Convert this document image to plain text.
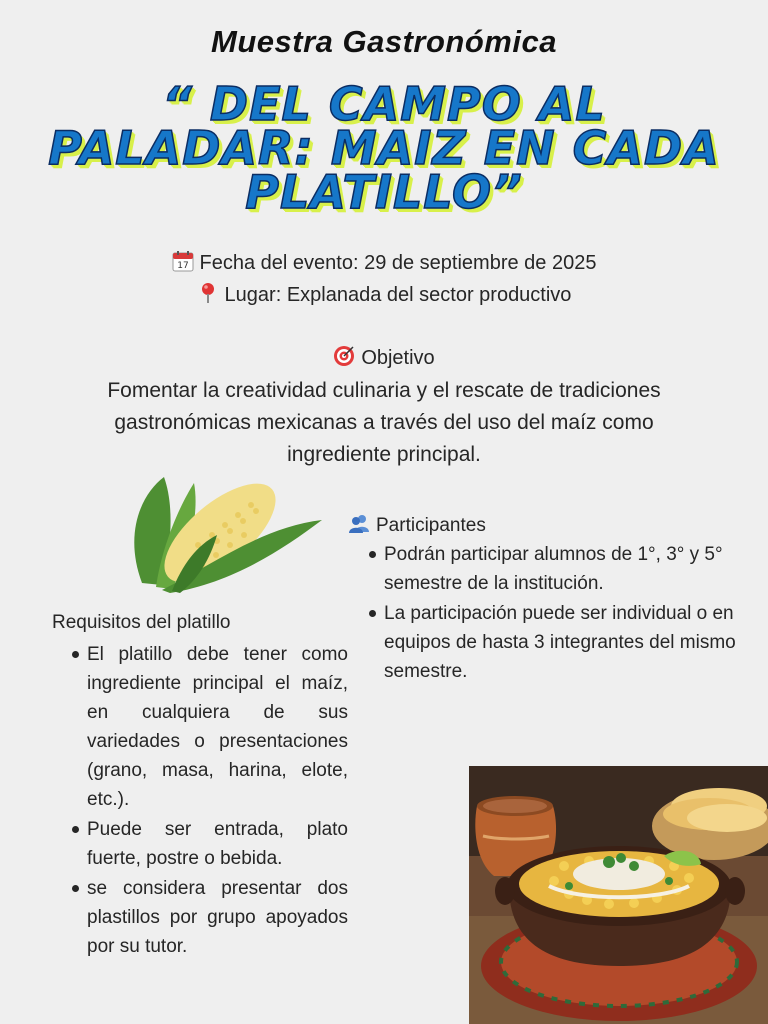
Muestra Gastronómica
“ DEL CAMPO AL
PALADAR: MAIZ EN CADA
PLATILLO”
17 Fecha del evento: 29 de septiembre de 2025
Lugar: Explanada del sector productivo
Objetivo
Fomentar la creatividad culinaria y el rescate de tradiciones gastronómicas mexicanas a través del uso del maíz como ingrediente principal.
Participantes
Podrán participar alumnos de 1°, 3° y 5° semestre de la institución.
La participación puede ser individual o en equipos de hasta 3 integrantes del mismo semestre.
Requisitos del platillo
El platillo debe tener como ingrediente principal el maíz, en cualquiera de sus variedades o presentaciones (grano, masa, harina, elote, etc.).
Puede ser entrada, plato fuerte, postre o bebida.
se considera presentar dos plastillos por grupo apoyados por su tutor.
